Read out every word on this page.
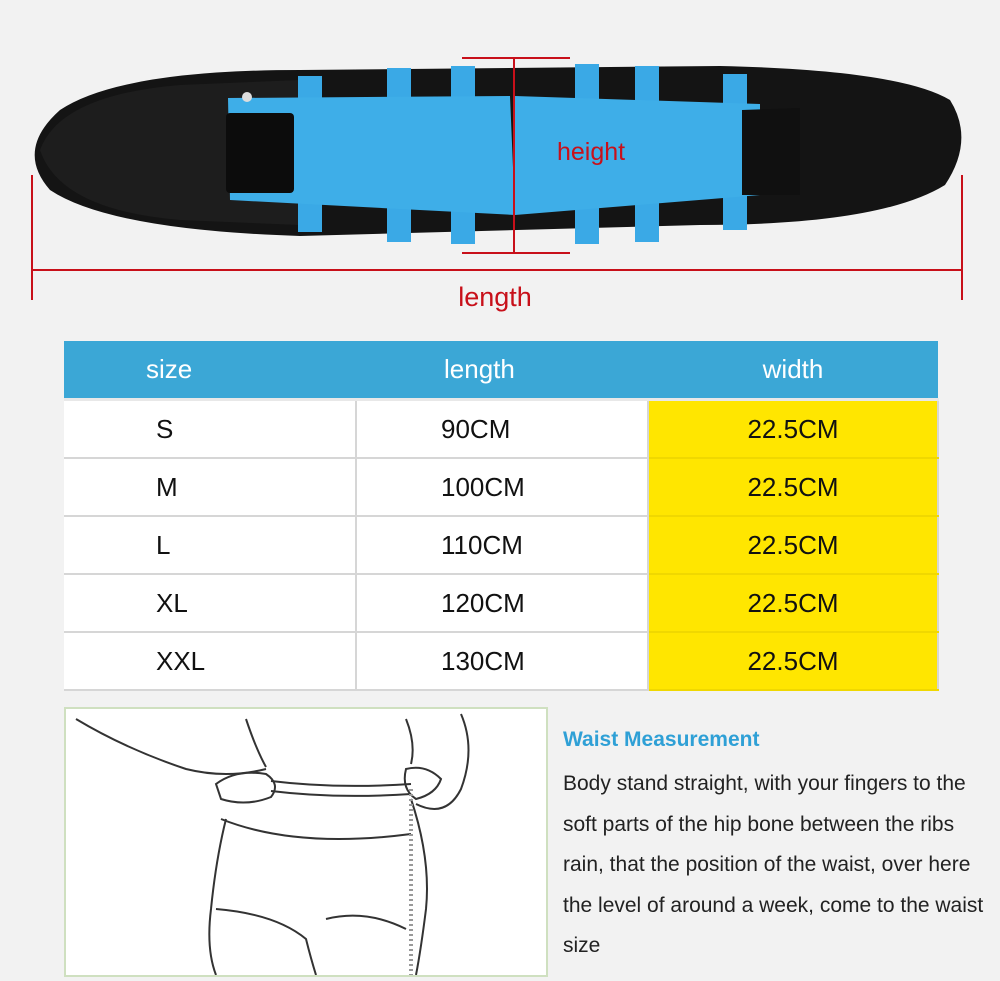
height
length
size	length	width
S	90CM	22.5CM
M	100CM	22.5CM
L	110CM	22.5CM
XL	120CM	22.5CM
XXL	130CM	22.5CM

Waist Measurement

Body stand straight, with your fingers to the soft parts of the hip bone between the ribs rain, that the position of the waist, over here the level of around a week, come to the waist size
